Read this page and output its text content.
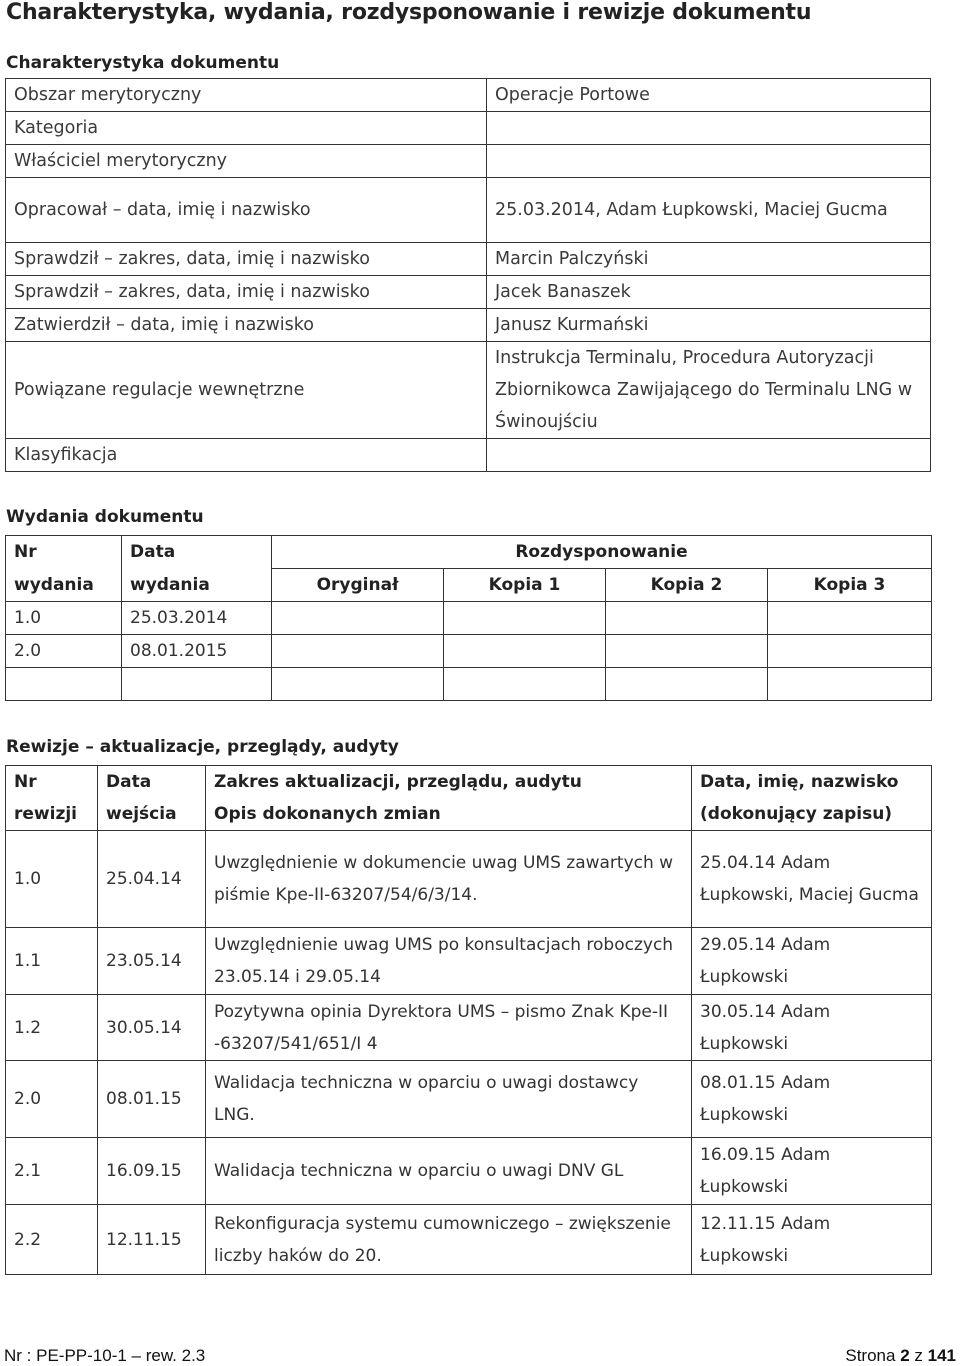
Charakterystyka, wydania, rozdysponowanie i rewizje dokumentu
Charakterystyka dokumentu
Obszar merytoryczny	Operacje Portowe
Kategoria	
Właściciel merytoryczny	
Opracował – data, imię i nazwisko	25.03.2014, Adam Łupkowski, Maciej Gucma
Sprawdził – zakres, data, imię i nazwisko	Marcin Palczyński
Sprawdził – zakres, data, imię i nazwisko	Jacek Banaszek
Zatwierdził – data, imię i nazwisko	Janusz Kurmański
Powiązane regulacje wewnętrzne	Instrukcja Terminalu, Procedura Autoryzacji Zbiornikowca Zawijającego do Terminalu LNG w Świnoujściu
Klasyfikacja	
Wydania dokumentu
Nr	Data	Rozdysponowanie			
wydania	wydania	Oryginał	Kopia 1	Kopia 2	Kopia 3
1.0	25.03.2014				
2.0	08.01.2015				

Rewizje – aktualizacje, przeglądy, audyty
Nr	Data	Zakres aktualizacji, przeglądu, audytu	Data, imię, nazwisko
rewizji	wejścia	Opis dokonanych zmian	(dokonujący zapisu)
1.0	25.04.14	Uwzględnienie w dokumencie uwag UMS zawartych w piśmie Kpe-II-63207/54/6/3/14.	25.04.14 Adam Łupkowski, Maciej Gucma
1.1	23.05.14	Uwzględnienie uwag UMS po konsultacjach roboczych 23.05.14 i 29.05.14	29.05.14 Adam Łupkowski
1.2	30.05.14	Pozytywna opinia Dyrektora UMS – pismo Znak Kpe-II -63207/541/651/I 4	30.05.14 Adam Łupkowski
2.0	08.01.15	Walidacja techniczna w oparciu o uwagi dostawcy LNG.	08.01.15 Adam Łupkowski
2.1	16.09.15	Walidacja techniczna w oparciu o uwagi DNV GL	16.09.15 Adam Łupkowski
2.2	12.11.15	Rekonfiguracja systemu cumowniczego – zwiększenie liczby haków do 20.	12.11.15 Adam Łupkowski
Nr : PE-PP-10-1 – rew. 2.3	Strona 2 z 141
